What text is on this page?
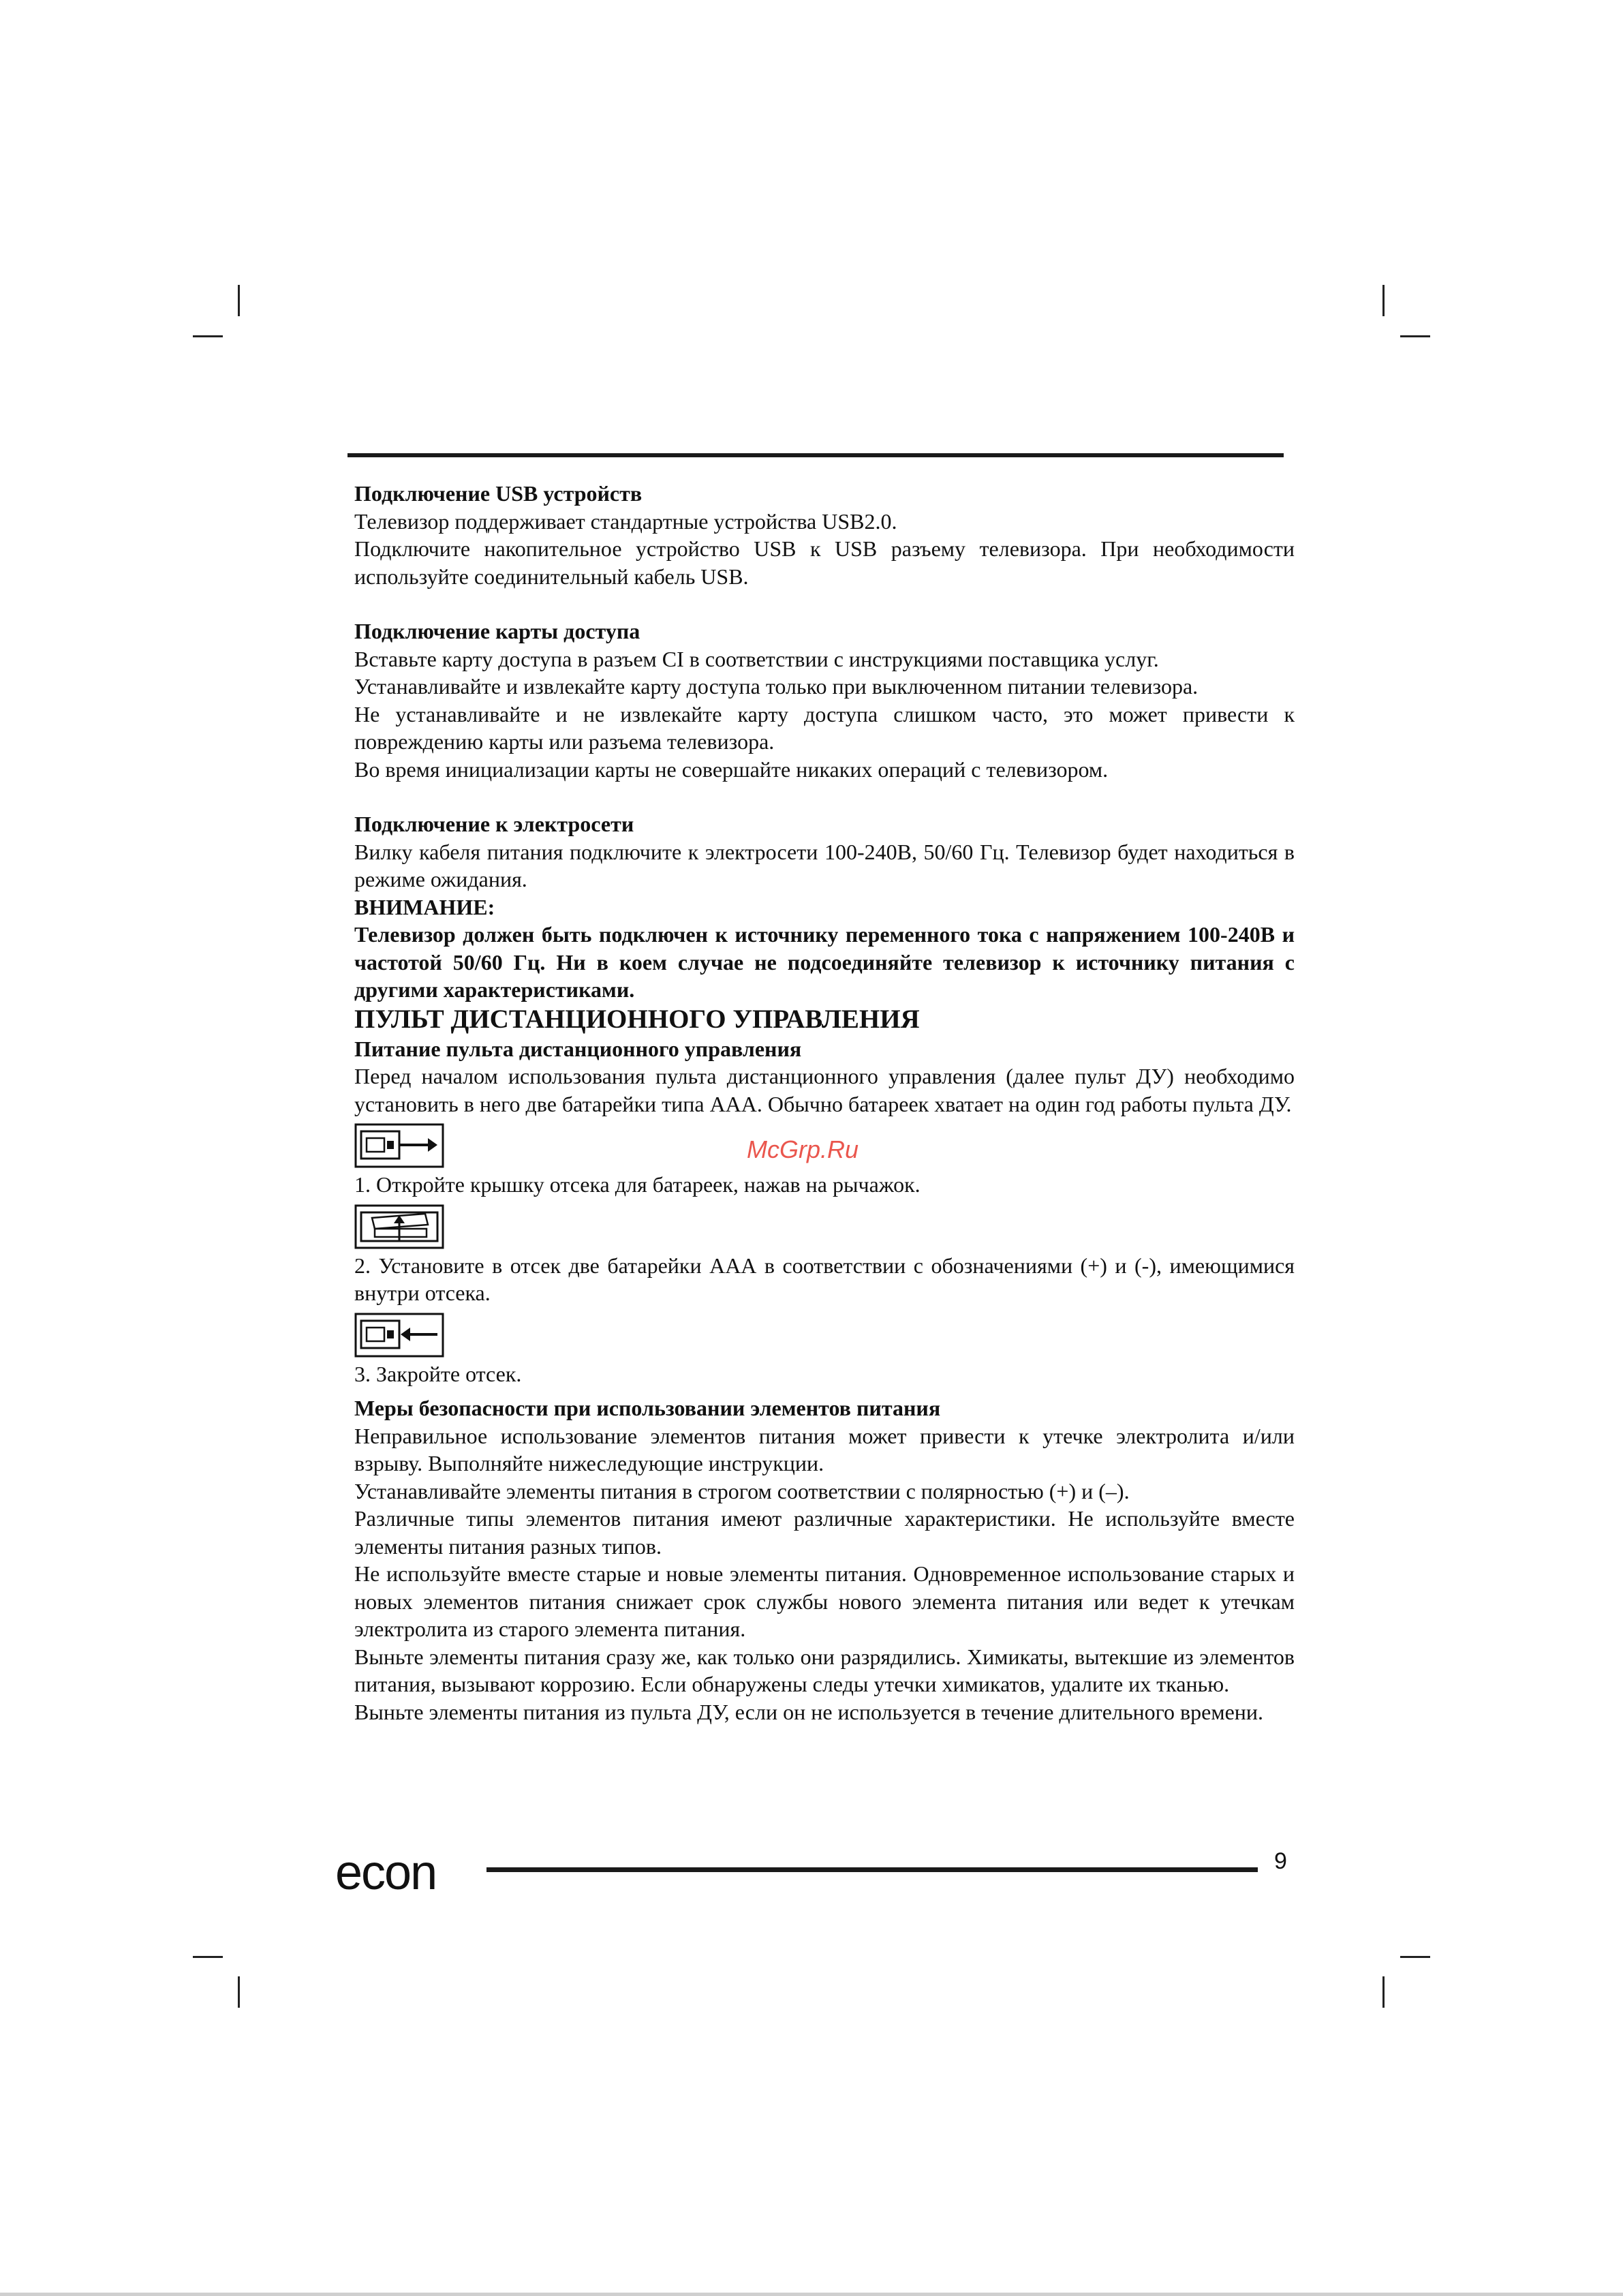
Подключение USB устройств

Телевизор поддерживает стандартные устройства USB2.0.

Подключите накопительное устройство USB к USB разъему телевизора. При необходимости используйте соединительный кабель USB.

Подключение карты доступа

Вставьте карту доступа в разъем CI в соответствии с инструкциями поставщика услуг.

Устанавливайте и извлекайте карту доступа только при выключенном питании телевизора.

Не устанавливайте и не извлекайте карту доступа слишком часто, это может привести к повреждению карты или разъема телевизора.

Во время инициализации карты не совершайте никаких операций с телевизором.

Подключение к электросети

Вилку кабеля питания подключите к электросети 100-240В, 50/60 Гц. Телевизор будет находиться в режиме ожидания.

ВНИМАНИЕ:

Телевизор должен быть подключен к источнику переменного тока с напряжением 100-240В и частотой 50/60 Гц. Ни в коем случае не подсоединяйте телевизор к источнику питания с другими характеристиками.

ПУЛЬТ ДИСТАНЦИОННОГО УПРАВЛЕНИЯ

Питание пульта дистанционного управления

Перед началом использования пульта дистанционного управления (далее пульт ДУ) необходимо установить в него две батарейки типа ААА. Обычно батареек хватает на один год работы пульта ДУ.

1. Откройте крышку отсека для батареек, нажав на рычажок.

2. Установите в отсек две батарейки ААА в соответствии с обозначениями (+) и (-), имеющимися внутри отсека.

3. Закройте отсек.

Меры безопасности при использовании элементов питания

Неправильное использование элементов питания может привести к утечке электролита и/или взрыву. Выполняйте нижеследующие инструкции.

Устанавливайте элементы питания в строгом соответствии с полярностью (+) и (–).

Различные типы элементов питания имеют различные характеристики. Не используйте вместе элементы питания разных типов.

Не используйте вместе старые и новые элементы питания. Одновременное использование старых и новых элементов питания снижает срок службы нового элемента питания или ведет к утечкам электролита из старого элемента питания.

Выньте элементы питания сразу же, как только они разрядились. Химикаты, вытекшие из элементов питания, вызывают коррозию. Если обнаружены следы утечки химикатов, удалите их тканью.

Выньте элементы питания из пульта ДУ, если он не используется в течение длительного времени.

McGrp.Ru
econ	9
